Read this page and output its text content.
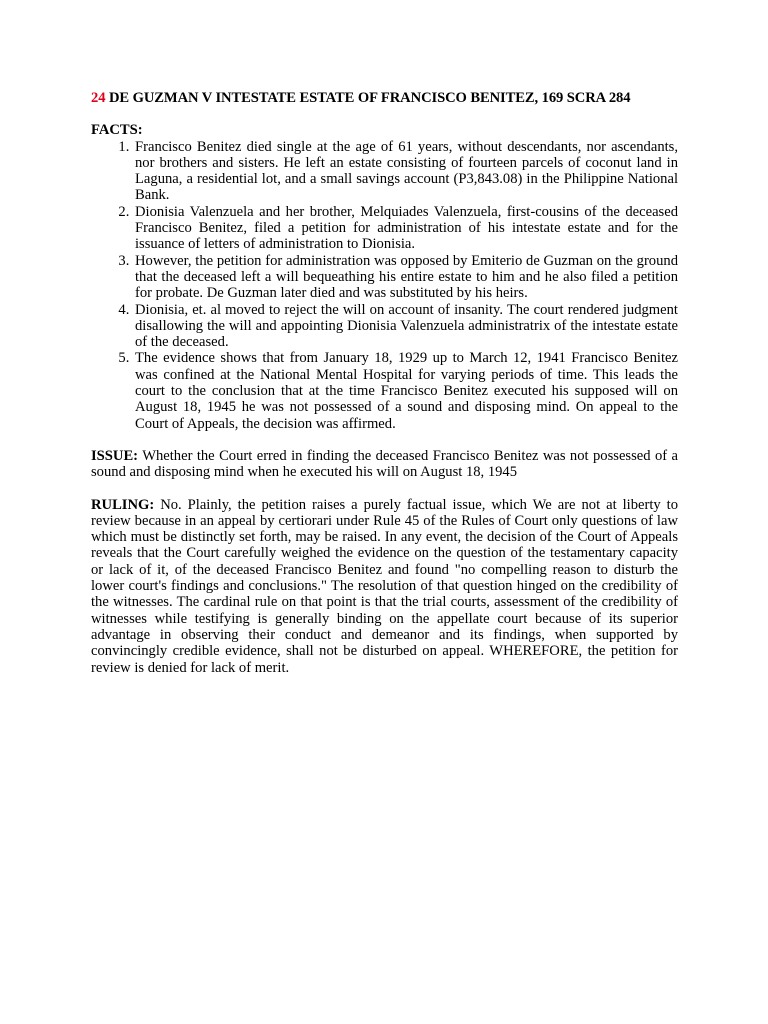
24 DE GUZMAN V INTESTATE ESTATE OF FRANCISCO BENITEZ, 169 SCRA 284

FACTS:

1. Francisco Benitez died single at the age of 61 years, without descendants, nor ascendants, nor brothers and sisters. He left an estate consisting of fourteen parcels of coconut land in Laguna, a residential lot, and a small savings account (P3,843.08) in the Philippine National Bank.
2. Dionisia Valenzuela and her brother, Melquiades Valenzuela, first-cousins of the deceased Francisco Benitez, filed a petition for administration of his intestate estate and for the issuance of letters of administration to Dionisia.
3. However, the petition for administration was opposed by Emiterio de Guzman on the ground that the deceased left a will bequeathing his entire estate to him and he also filed a petition for probate. De Guzman later died and was substituted by his heirs.
4. Dionisia, et. al moved to reject the will on account of insanity. The court rendered judgment disallowing the will and appointing Dionisia Valenzuela administratrix of the intestate estate of the deceased.
5. The evidence shows that from January 18, 1929 up to March 12, 1941 Francisco Benitez was confined at the National Mental Hospital for varying periods of time. This leads the court to the conclusion that at the time Francisco Benitez executed his supposed will on August 18, 1945 he was not possessed of a sound and disposing mind. On appeal to the Court of Appeals, the decision was affirmed.

ISSUE: Whether the Court erred in finding the deceased Francisco Benitez was not possessed of a sound and disposing mind when he executed his will on August 18, 1945

RULING: No. Plainly, the petition raises a purely factual issue, which We are not at liberty to review because in an appeal by certiorari under Rule 45 of the Rules of Court only questions of law which must be distinctly set forth, may be raised. In any event, the decision of the Court of Appeals reveals that the Court carefully weighed the evidence on the question of the testamentary capacity or lack of it, of the deceased Francisco Benitez and found "no compelling reason to disturb the lower court's findings and conclusions." The resolution of that question hinged on the credibility of the witnesses. The cardinal rule on that point is that the trial courts, assessment of the credibility of witnesses while testifying is generally binding on the appellate court because of its superior advantage in observing their conduct and demeanor and its findings, when supported by convincingly credible evidence, shall not be disturbed on appeal. WHEREFORE, the petition for review is denied for lack of merit.
